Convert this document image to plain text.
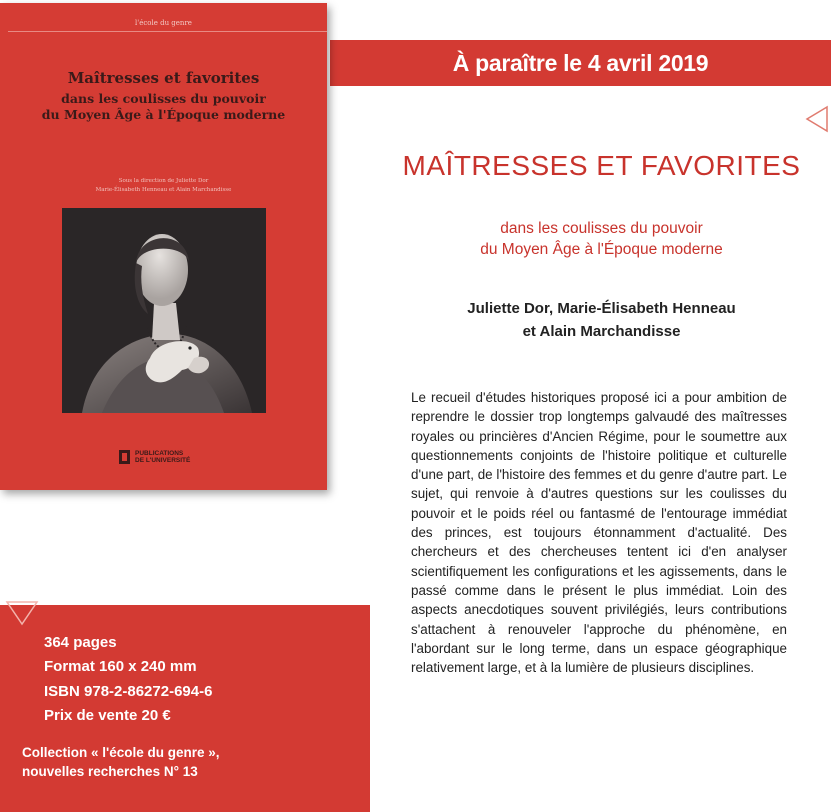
À paraître le 4 avril 2019
l'école du genre
Maîtresses et favorites
dans les coulisses du pouvoir
du Moyen Âge à l'Époque moderne
Sous la direction de Juliette Dor
Marie-Élisabeth Henneau et Alain Marchandisse
PUBLICATIONS
DE L'UNIVERSITÉ
MAÎTRESSES ET FAVORITES
dans les coulisses du pouvoir
du Moyen Âge à l'Époque moderne
Juliette Dor, Marie-Élisabeth Henneau
et Alain Marchandisse
Le recueil d'études historiques proposé ici a pour ambition de reprendre le dossier trop longtemps galvaudé des maîtresses royales ou princières d'Ancien Régime, pour le soumettre aux questionnements conjoints de l'histoire politique et culturelle d'une part, de l'histoire des femmes et du genre d'autre part. Le sujet, qui renvoie à d'autres questions sur les coulisses du pouvoir et le poids réel ou fantasmé de l'entourage immédiat des princes, est toujours étonnamment d'actualité. Des chercheurs et des chercheuses tentent ici d'en analyser scientifiquement les configurations et les agissements, dans le passé comme dans le présent le plus immédiat. Loin des aspects anecdotiques souvent privilégiés, leurs contributions s'attachent à renouveler l'approche du phénomène, en l'abordant sur le long terme, dans un espace géographique relativement large, et à la lumière de plusieurs disciplines.
364 pages
Format 160 x 240 mm
ISBN 978-2-86272-694-6
Prix de vente 20 €
Collection « l'école du genre »,
nouvelles recherches N° 13
